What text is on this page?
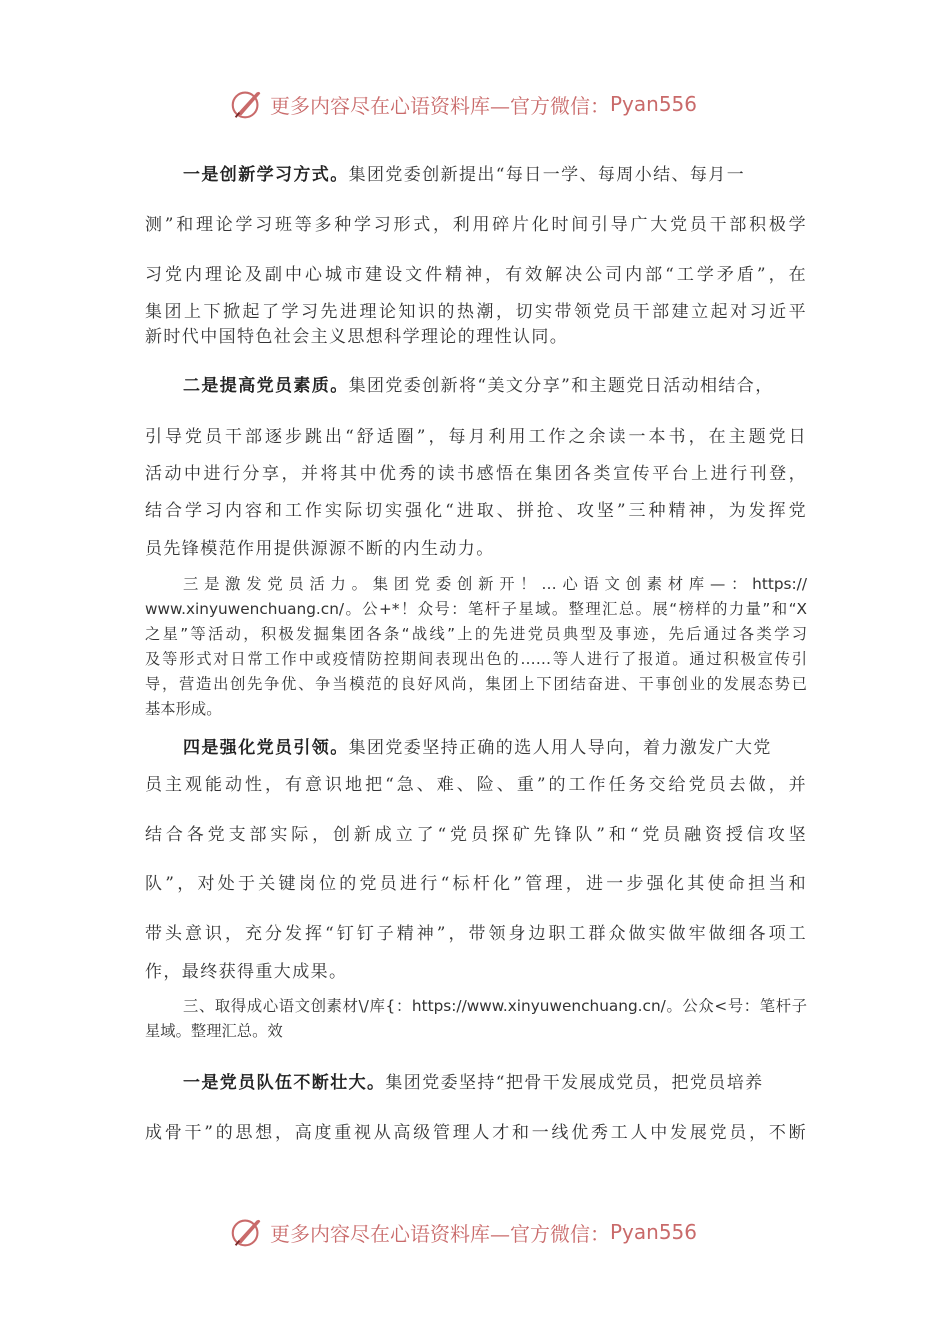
更多内容尽在心语资料库—官方微信： Pyan556
一是创新学习方式。集团党委创新提出“每日一学、每周小结、每月一
测”和理论学习班等多种学习形式，利用碎片化时间引导广大党员干部积极学
习党内理论及副中心城市建设文件精神，有效解决公司内部“工学矛盾”，在
集团上下掀起了学习先进理论知识的热潮，切实带领党员干部建立起对习近平
新时代中国特色社会主义思想科学理论的理性认同。
二是提高党员素质。集团党委创新将“美文分享”和主题党日活动相结合，
引导党员干部逐步跳出“舒适圈”，每月利用工作之余读一本书，在主题党日
活动中进行分享，并将其中优秀的读书感悟在集团各类宣传平台上进行刊登，
结合学习内容和工作实际切实强化“进取、拼抢、攻坚”三种精神，为发挥党
员先锋模范作用提供源源不断的内生动力。
三是激发党员活力。集团党委创新开！…心语文创素材库—：https://
www.xinyuwenchuang.cn/。公+*！众号：笔杆子星域。整理汇总。展“榜样的力量”和“X
之星”等活动，积极发掘集团各条“战线”上的先进党员典型及事迹，先后通过各类学习
及等形式对日常工作中或疫情防控期间表现出色的……等人进行了报道。通过积极宣传引
导，营造出创先争优、争当模范的良好风尚，集团上下团结奋进、干事创业的发展态势已
基本形成。
四是强化党员引领。集团党委坚持正确的选人用人导向，着力激发广大党
员主观能动性，有意识地把“急、难、险、重”的工作任务交给党员去做，并
结合各党支部实际，创新成立了“党员探矿先锋队”和“党员融资授信攻坚
队”，对处于关键岗位的党员进行“标杆化”管理，进一步强化其使命担当和
带头意识，充分发挥“钉钉子精神”，带领身边职工群众做实做牢做细各项工
作，最终获得重大成果。
三、取得成心语文创素材\/库{：https://www.xinyuwenchuang.cn/。公众<号：笔杆子
星域。整理汇总。效
一是党员队伍不断壮大。集团党委坚持“把骨干发展成党员，把党员培养
成骨干”的思想，高度重视从高级管理人才和一线优秀工人中发展党员，不断
更多内容尽在心语资料库—官方微信： Pyan556
